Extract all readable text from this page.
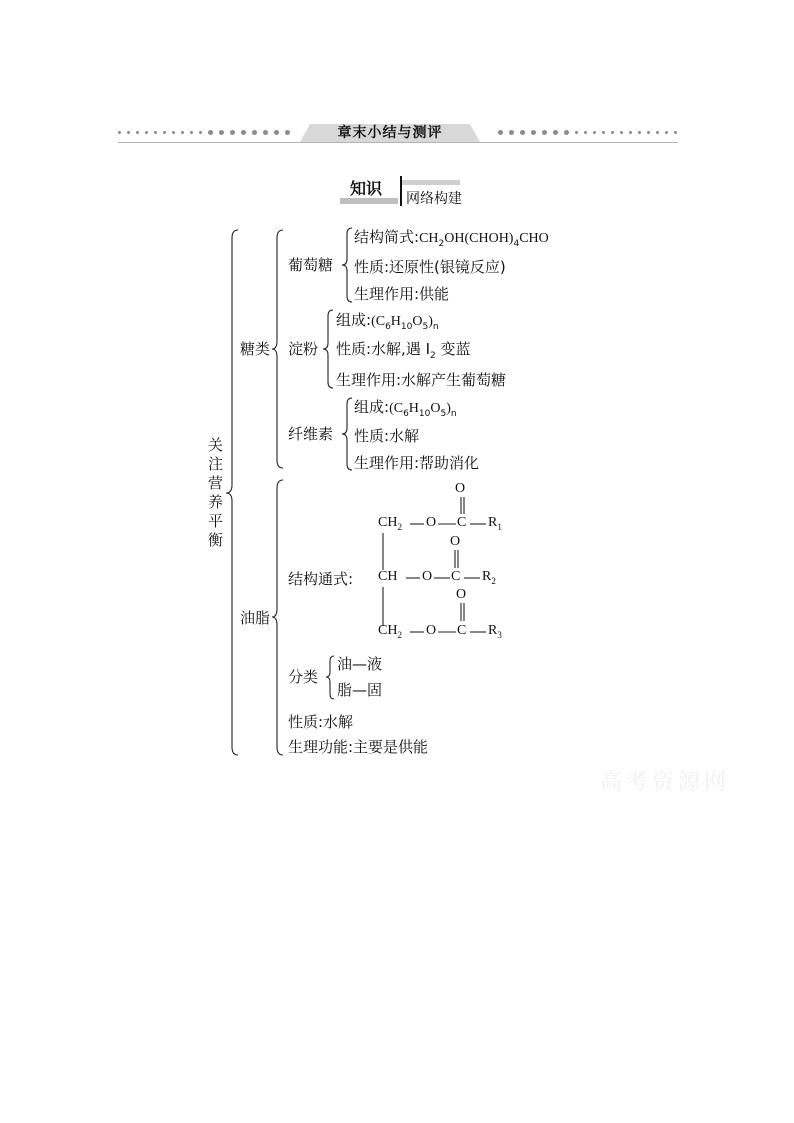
章末小结与测评
知识
网络构建
关注营养平衡
糖类
葡萄糖
结构简式$:CH_2OH(CHOH)_4CHO$
性质:还原性(银镜反应)
生理作用:供能
淀粉
组成$:(C_6H_{10}O_5)_n$
性质:水解,遇 $I_2$ 变蓝
生理作用:水解产生葡萄糖
纤维素
组成$:(C_6H_{10}O_5)_n$
性质:水解
生理作用:帮助消化
油脂
结构通式:
O
$CH_2$ O C $R_1$
O
CH O C $R_2$
O
$CH_2$ O C $R_3$
分类
油—液
脂—固
性质:水解
生理功能:主要是供能
高考资源网
